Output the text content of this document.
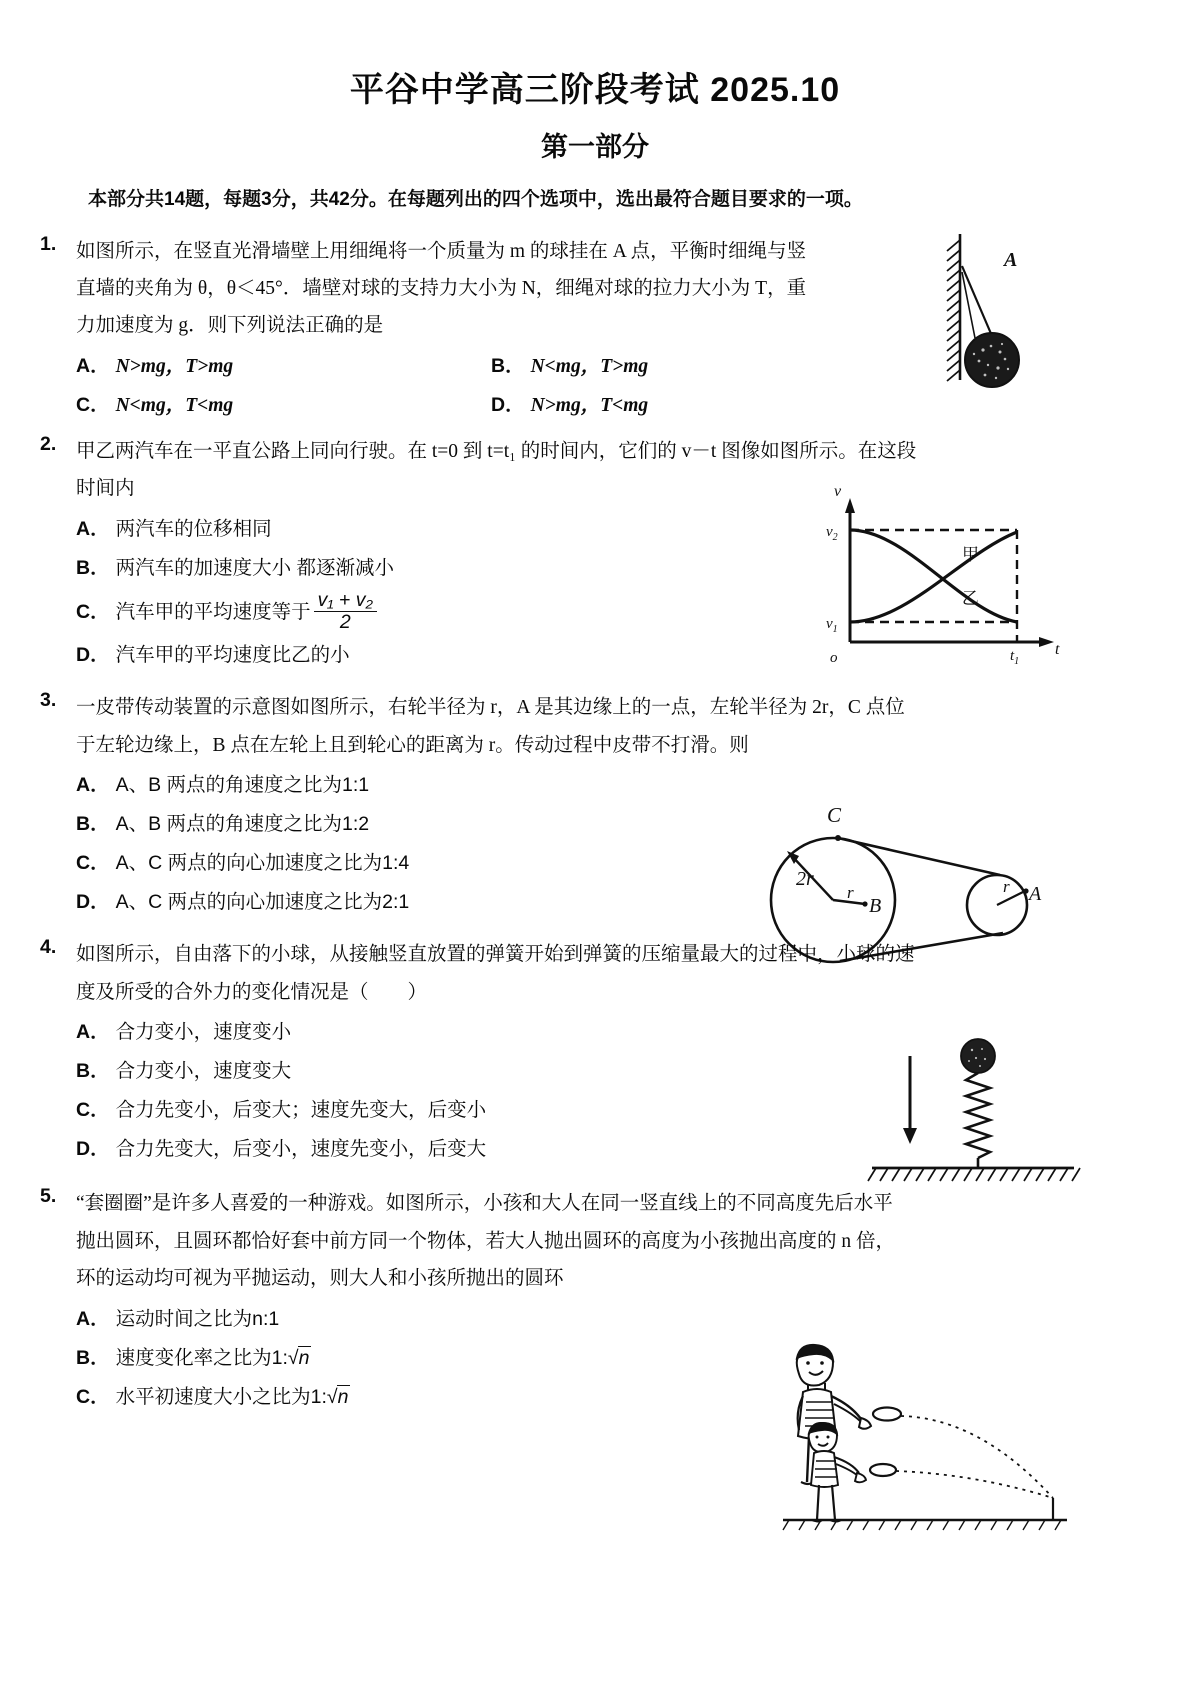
平谷中学高三阶段考试 2025.10
第一部分
本部分共14题，每题3分，共42分。在每题列出的四个选项中，选出最符合题目要求的一项。
1.	如图所示，在竖直光滑墙壁上用细绳将一个质量为 m 的球挂在 A 点，平衡时细绳与竖

直墙的夹角为 θ，θ＜45°．墙壁对球的支持力大小为 N，细绳对球的拉力大小为 T，重

力加速度为 g．则下列说法正确的是

A． N>mg，T>mg	B． N<mg，T>mg
C． N<mg，T<mg	D． N>mg，T<mg
A
2.	甲乙两汽车在一平直公路上同向行驶。在 t=0 到 t=t₁ 的时间内，它们的 v－t 图像如图所示。在这段

时间内

A． 两汽车的位移相同
B． 两汽车的加速度大小 都逐渐减小
C． 汽车甲的平均速度等于 $\frac{\text{v₁ + v₂}}{2}$
D． 汽车甲的平均速度比乙的小
v
t
o
$v_2$
$v_1$
$t_1$
甲
乙
3.	一皮带传动装置的示意图如图所示，右轮半径为 r，A 是其边缘上的一点，左轮半径为 2r，C 点位

于左轮边缘上，B 点在左轮上且到轮心的距离为 r。传动过程中皮带不打滑。则

A． A、B 两点的角速度之比为1:1
B． A、B 两点的角速度之比为1:2
C． A、C 两点的向心加速度之比为1:4
D． A、C 两点的向心加速度之比为2:1
C
2r
r
B
r A
4.	如图所示，自由落下的小球，从接触竖直放置的弹簧开始到弹簧的压缩量最大的过程中，小球的速

度及所受的合外力的变化情况是（　　）

A． 合力变小，速度变小
B． 合力变小，速度变大
C． 合力先变小，后变大；速度先变大，后变小
D． 合力先变大，后变小，速度先变小，后变大
5.	“套圈圈”是许多人喜爱的一种游戏。如图所示，小孩和大人在同一竖直线上的不同高度先后水平

抛出圆环，且圆环都恰好套中前方同一个物体，若大人抛出圆环的高度为小孩抛出高度的 n 倍，

环的运动均可视为平抛运动，则大人和小孩所抛出的圆环

A． 运动时间之比为n:1
B． 速度变化率之比为1:√n
C． 水平初速度大小之比为1:√n
